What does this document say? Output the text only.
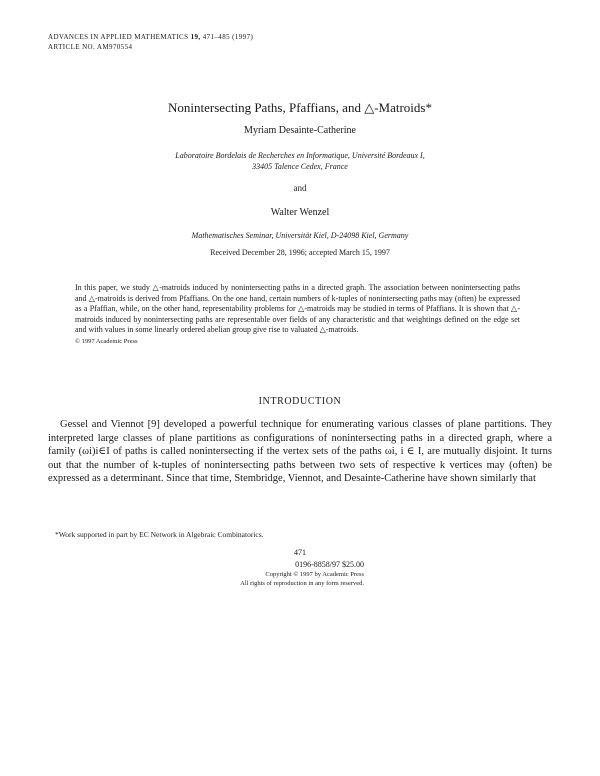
ADVANCES IN APPLIED MATHEMATICS 19, 471–485 (1997)
ARTICLE NO. AM970554
Nonintersecting Paths, Pfaffians, and △-Matroids*
Myriam Desainte-Catherine
Laboratoire Bordelais de Recherches en Informatique, Université Bordeaux I,
33405 Talence Cedex, France
and
Walter Wenzel
Mathematisches Seminar, Universität Kiel, D-24098 Kiel, Germany
Received December 28, 1996; accepted March 15, 1997
In this paper, we study △-matroids induced by nonintersecting paths in a directed graph. The association between nonintersecting paths and △-matroids is derived from Pfaffians. On the one hand, certain numbers of k-tuples of nonintersecting paths may (often) be expressed as a Pfaffian, while, on the other hand, representability problems for △-matroids may be studied in terms of Pfaffians. It is shown that △-matroids induced by nonintersecting paths are representable over fields of any characteristic and that weightings defined on the edge set and with values in some linearly ordered abelian group give rise to valuated △-matroids.
© 1997 Academic Press
INTRODUCTION

Gessel and Viennot [9] developed a powerful technique for enumerating various classes of plane partitions. They interpreted large classes of plane partitions as configurations of nonintersecting paths in a directed graph, where a family (ωi)i∈I of paths is called nonintersecting if the vertex sets of the paths ωi, i ∈ I, are mutually disjoint. It turns out that the number of k-tuples of nonintersecting paths between two sets of respective k vertices may (often) be expressed as a determinant. Since that time, Stembridge, Viennot, and Desainte-Catherine have shown similarly that

*Work supported in part by EC Network in Algebraic Combinatorics.
471
0196-8858/97 $25.00
Copyright © 1997 by Academic Press
All rights of reproduction in any form reserved.
